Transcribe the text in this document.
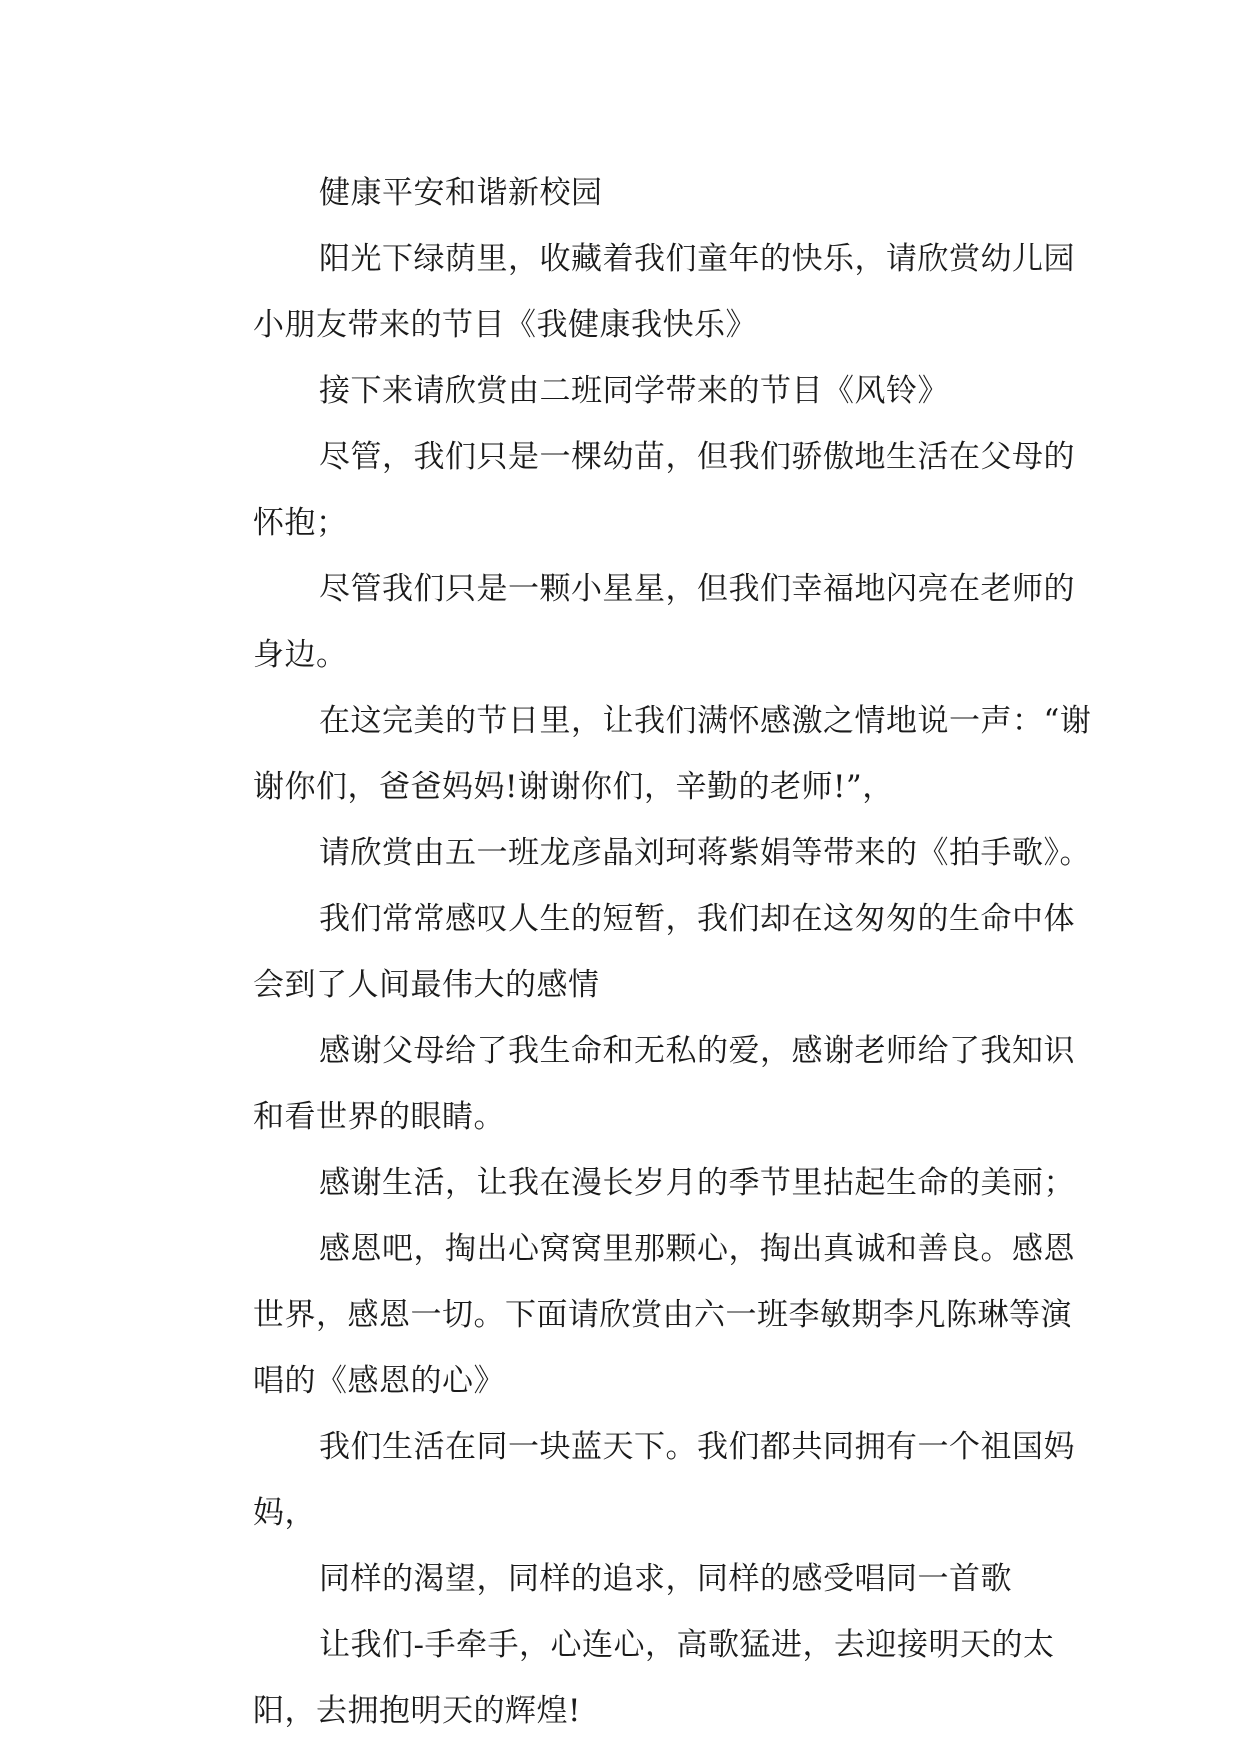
健康平安和谐新校园
阳光下绿荫里，收藏着我们童年的快乐，请欣赏幼儿园
小朋友带来的节目《我健康我快乐》
接下来请欣赏由二班同学带来的节目《风铃》
尽管，我们只是一棵幼苗，但我们骄傲地生活在父母的
怀抱；
尽管我们只是一颗小星星，但我们幸福地闪亮在老师的
身边。
在这完美的节日里，让我们满怀感激之情地说一声：“谢
谢你们，爸爸妈妈!谢谢你们，辛勤的老师!”，
请欣赏由五一班龙彦晶刘珂蒋紫娟等带来的《拍手歌》。
我们常常感叹人生的短暂，我们却在这匆匆的生命中体
会到了人间最伟大的感情
感谢父母给了我生命和无私的爱，感谢老师给了我知识
和看世界的眼睛。
感谢生活，让我在漫长岁月的季节里拈起生命的美丽；
感恩吧，掏出心窝窝里那颗心，掏出真诚和善良。感恩
世界，感恩一切。下面请欣赏由六一班李敏期李凡陈琳等演
唱的《感恩的心》
我们生活在同一块蓝天下。我们都共同拥有一个祖国妈
妈，
同样的渴望，同样的追求，同样的感受唱同一首歌
让我们-手牵手，心连心，高歌猛进，去迎接明天的太
阳，去拥抱明天的辉煌!
